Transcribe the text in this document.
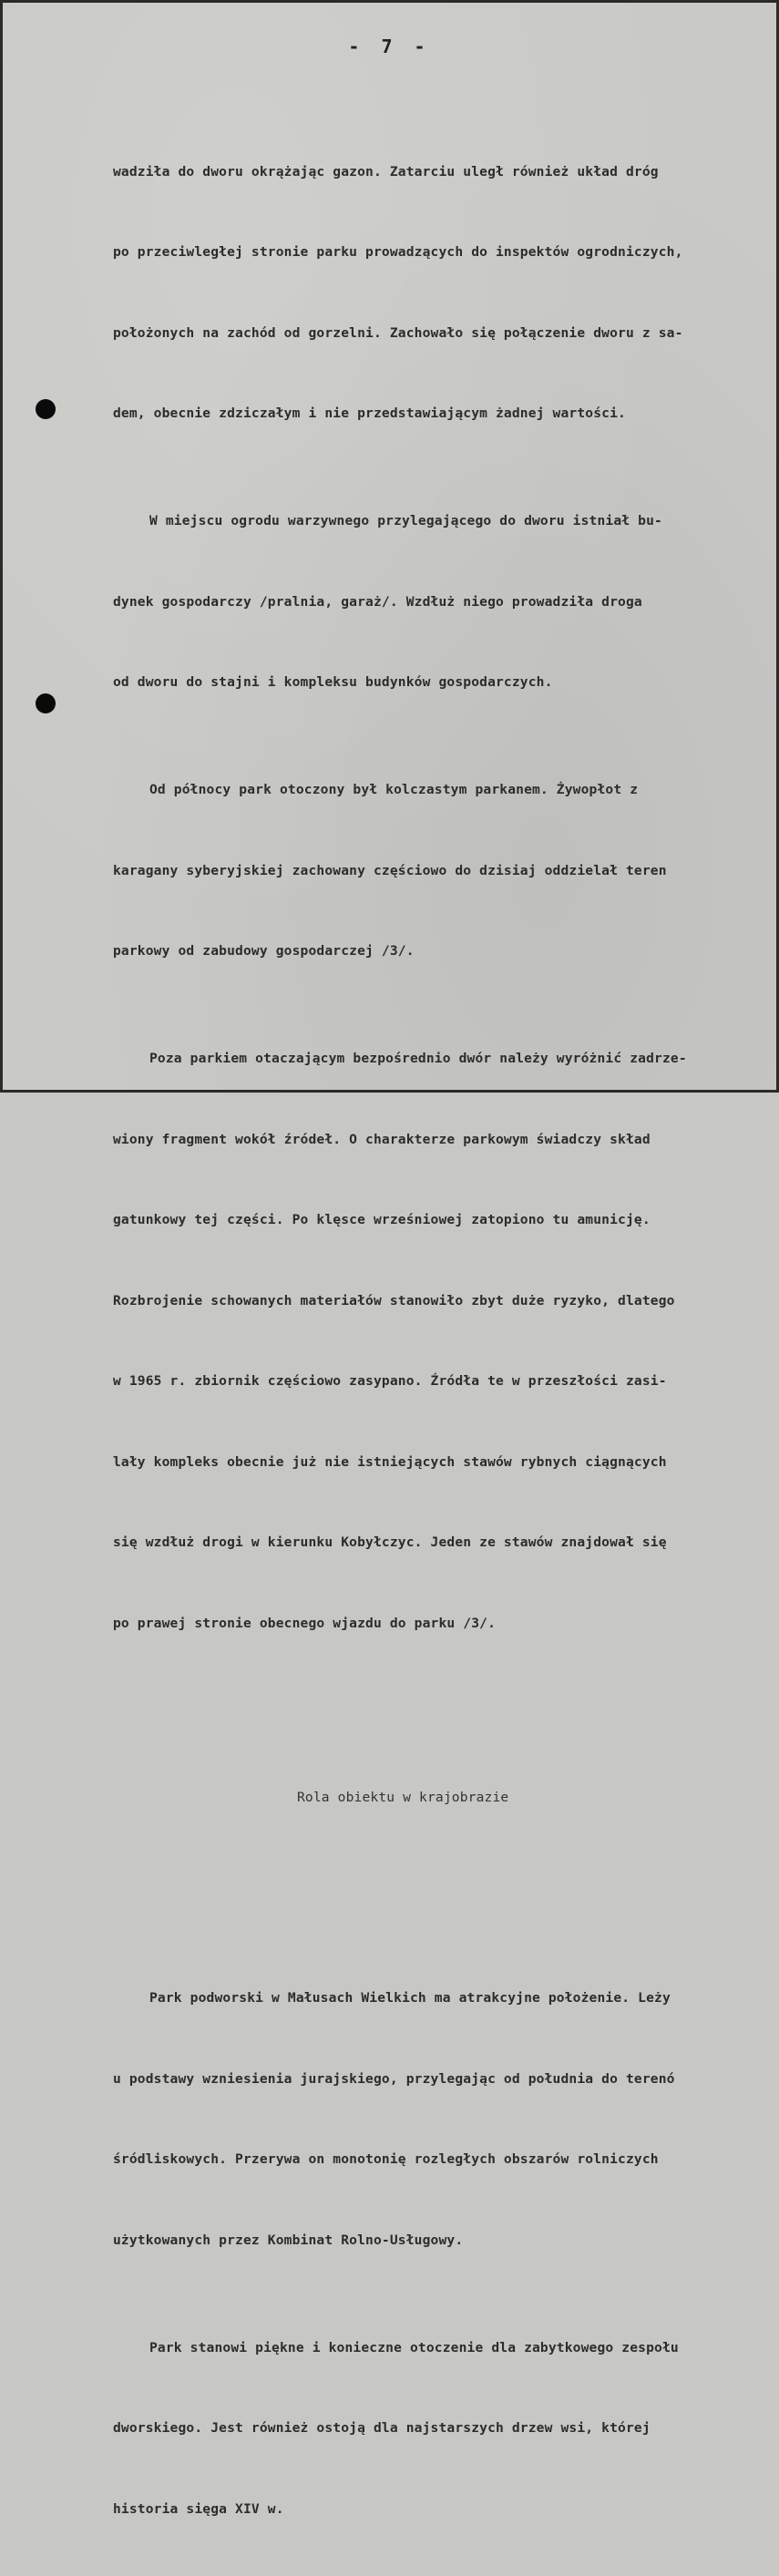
- 7 -

wadziła do dworu okrążając gazon. Zatarciu uległ również układ dróg

po przeciwległej stronie parku prowadzących do inspektów ogrodniczych,

położonych na zachód od gorzelni. Zachowało się połączenie dworu z sa-

dem, obecnie zdziczałym i nie przedstawiającym żadnej wartości.

W miejscu ogrodu warzywnego przylegającego do dworu istniał bu-

dynek gospodarczy /pralnia, garaż/. Wzdłuż niego prowadziła droga

od dworu do stajni i kompleksu budynków gospodarczych.

Od północy park otoczony był kolczastym parkanem. Żywopłot z

karagany syberyjskiej zachowany częściowo do dzisiaj oddzielał teren

parkowy od zabudowy gospodarczej /3/.

Poza parkiem otaczającym bezpośrednio dwór należy wyróżnić zadrze-

wiony fragment wokół źródeł. O charakterze parkowym świadczy skład

gatunkowy tej części. Po klęsce wrześniowej zatopiono tu amunicję.

Rozbrojenie schowanych materiałów stanowiło zbyt duże ryzyko, dlatego

w 1965 r. zbiornik częściowo zasypano. Źródła te w przeszłości zasi-

lały kompleks obecnie już nie istniejących stawów rybnych ciągnących

się wzdłuż drogi w kierunku Kobyłczyc. Jeden ze stawów znajdował się

po prawej stronie obecnego wjazdu do parku /3/.

Rola obiektu w krajobrazie

Park podworski w Małusach Wielkich ma atrakcyjne położenie. Leży

u podstawy wzniesienia jurajskiego, przylegając od południa do terenó

śródliskowych. Przerywa on monotonię rozległych obszarów rolniczych

użytkowanych przez Kombinat Rolno-Usługowy.

Park stanowi piękne i konieczne otoczenie dla zabytkowego zespołu

dworskiego. Jest również ostoją dla najstarszych drzew wsi, której

historia sięga XIV w.
